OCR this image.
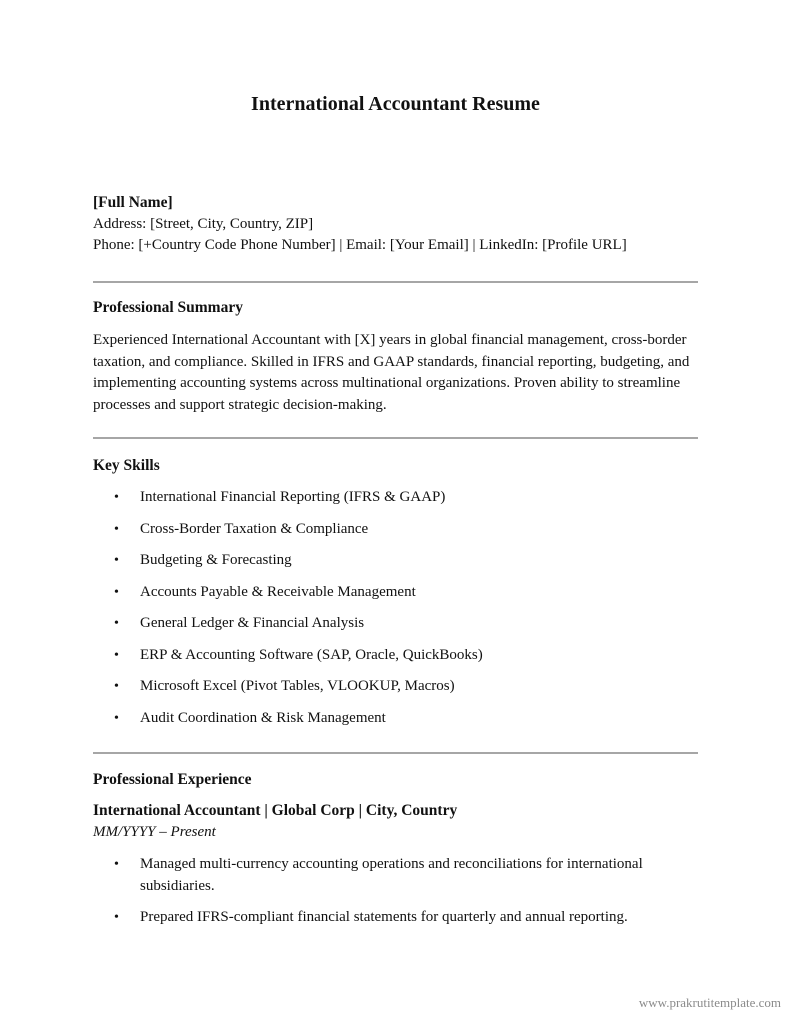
International Accountant Resume
[Full Name]
Address: [Street, City, Country, ZIP]
Phone: [+Country Code Phone Number] | Email: [Your Email] | LinkedIn: [Profile URL]
Professional Summary
Experienced International Accountant with [X] years in global financial management, cross-border taxation, and compliance. Skilled in IFRS and GAAP standards, financial reporting, budgeting, and implementing accounting systems across multinational organizations. Proven ability to streamline processes and support strategic decision-making.
Key Skills
• International Financial Reporting (IFRS & GAAP)
• Cross-Border Taxation & Compliance
• Budgeting & Forecasting
• Accounts Payable & Receivable Management
• General Ledger & Financial Analysis
• ERP & Accounting Software (SAP, Oracle, QuickBooks)
• Microsoft Excel (Pivot Tables, VLOOKUP, Macros)
• Audit Coordination & Risk Management
Professional Experience
International Accountant | Global Corp | City, Country
MM/YYYY – Present
• Managed multi-currency accounting operations and reconciliations for international subsidiaries.
• Prepared IFRS-compliant financial statements for quarterly and annual reporting.
www.prakrutitemplate.com
